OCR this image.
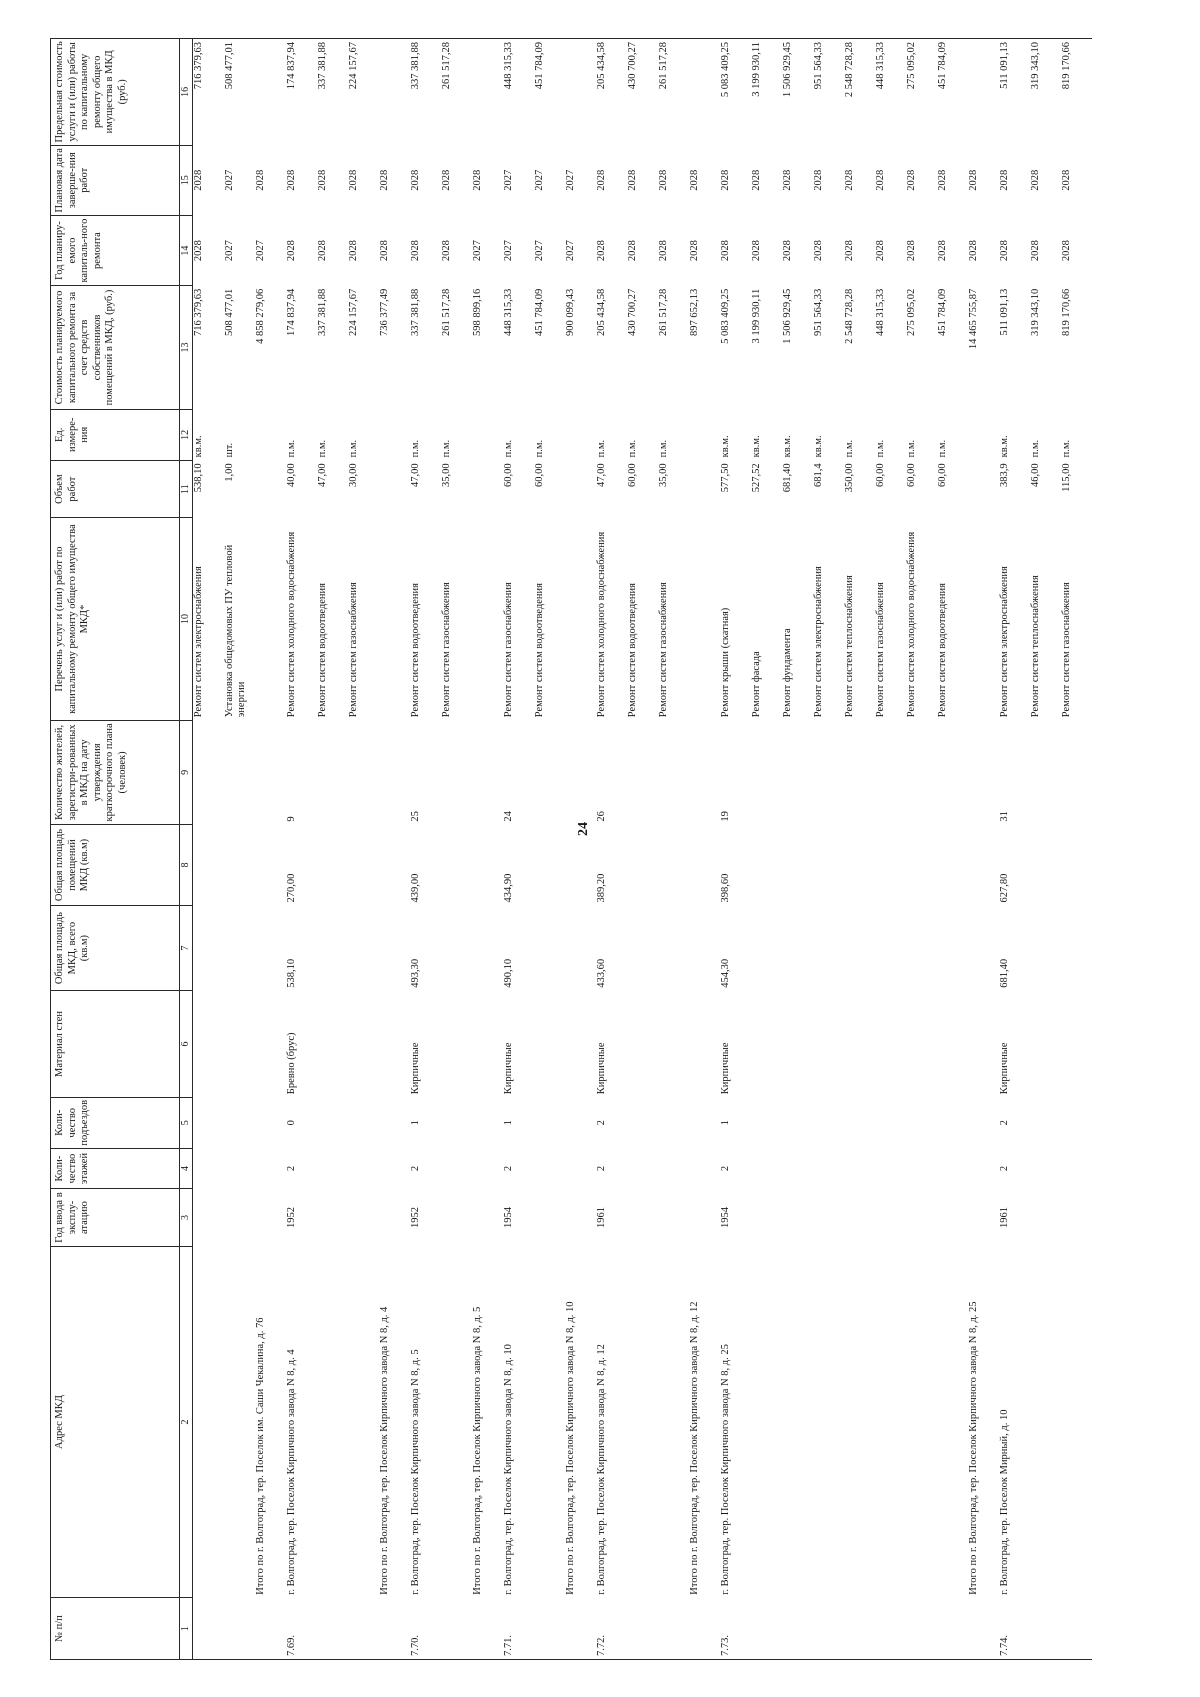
24
№ п/п	Адрес МКД	Год ввода в эксплу-атацию	Коли-чество этажей	Коли-чество подъездов	Материал стен	Общая площадь МКД, всего (кв.м)	Общая площадь помещений МКД (кв.м)	Количество жителей, зарегистри-рованных в МКД на дату утверждения краткосрочного плана (человек)	Перечень услуг и (или) работ по капитальному ремонту общего имущества МКД*	Объем работ	Ед. измере-ния	Стоимость планируемого капитального ремонта за счет средств собственников помещений в МКД, (руб.)	Год планиру-емого капиталь-ного ремонта	Плановая дата заверше-ния работ	Предельная стоимость услуги и (или) работы по капитальному ремонту общего имущества в МКД (руб.)
1	2	3	4	5	6	7	8	9	10	11	12	13	14	15	16
									Ремонт систем электроснабжения	538,10	кв.м.	716 379,63	2028	2028	716 379,63
									Установка общедомовых ПУ тепловой энергии	1,00	шт.	508 477,01	2027	2027	508 477,01
	Итого по г. Волгоград, тер. Поселок им. Саши Чекалина, д. 76											4 858 279,06	2027	2028	
7.69.	г. Волгоград, тер. Поселок Кирпичного завода N 8, д. 4	1952	2	0	Бревно (брус)	538,10	270,00	9	Ремонт систем холодного водоснабжения	40,00	п.м.	174 837,94	2028	2028	174 837,94
									Ремонт систем водоотведения	47,00	п.м.	337 381,88	2028	2028	337 381,88
									Ремонт систем газоснабжения	30,00	п.м.	224 157,67	2028	2028	224 157,67
	Итого по г. Волгоград, тер. Поселок Кирпичного завода N 8, д. 4											736 377,49	2028	2028	
7.70.	г. Волгоград, тер. Поселок Кирпичного завода N 8, д. 5	1952	2	1	Кирпичные	493,30	439,00	25	Ремонт систем водоотведения	47,00	п.м.	337 381,88	2028	2028	337 381,88
									Ремонт систем газоснабжения	35,00	п.м.	261 517,28	2028	2028	261 517,28
	Итого по г. Волгоград, тер. Поселок Кирпичного завода N 8, д. 5											598 899,16	2027	2028	
7.71.	г. Волгоград, тер. Поселок Кирпичного завода N 8, д. 10	1954	2	1	Кирпичные	490,10	434,90	24	Ремонт систем газоснабжения	60,00	п.м.	448 315,33	2027	2027	448 315,33
									Ремонт систем водоотведения	60,00	п.м.	451 784,09	2027	2027	451 784,09
	Итого по г. Волгоград, тер. Поселок Кирпичного завода N 8, д. 10											900 099,43	2027	2027	
7.72.	г. Волгоград, тер. Поселок Кирпичного завода N 8, д. 12	1961	2	2	Кирпичные	433,60	389,20	26	Ремонт систем холодного водоснабжения	47,00	п.м.	205 434,58	2028	2028	205 434,58
									Ремонт систем водоотведения	60,00	п.м.	430 700,27	2028	2028	430 700,27
									Ремонт систем газоснабжения	35,00	п.м.	261 517,28	2028	2028	261 517,28
	Итого по г. Волгоград, тер. Поселок Кирпичного завода N 8, д. 12											897 652,13	2028	2028	
7.73.	г. Волгоград, тер. Поселок Кирпичного завода N 8, д. 25	1954	2	1	Кирпичные	454,30	398,60	19	Ремонт крыши (скатная)	577,50	кв.м.	5 083 409,25	2028	2028	5 083 409,25
									Ремонт фасада	527,52	кв.м.	3 199 930,11	2028	2028	3 199 930,11
									Ремонт фундамента	681,40	кв.м.	1 506 929,45	2028	2028	1 506 929,45
									Ремонт систем электроснабжения	681,4	кв.м.	951 564,33	2028	2028	951 564,33
									Ремонт систем теплоснабжения	350,00	п.м.	2 548 728,28	2028	2028	2 548 728,28
									Ремонт систем газоснабжения	60,00	п.м.	448 315,33	2028	2028	448 315,33
									Ремонт систем холодного водоснабжения	60,00	п.м.	275 095,02	2028	2028	275 095,02
									Ремонт систем водоотведения	60,00	п.м.	451 784,09	2028	2028	451 784,09
	Итого по г. Волгоград, тер. Поселок Кирпичного завода N 8, д. 25											14 465 755,87	2028	2028	
7.74.	г. Волгоград, тер. Поселок Мирный, д. 10	1961	2	2	Кирпичные	681,40	627,80	31	Ремонт систем электроснабжения	383,9	кв.м.	511 091,13	2028	2028	511 091,13
									Ремонт систем теплоснабжения	46,00	п.м.	319 343,10	2028	2028	319 343,10
									Ремонт систем газоснабжения	115,00	п.м.	819 170,66	2028	2028	819 170,66
